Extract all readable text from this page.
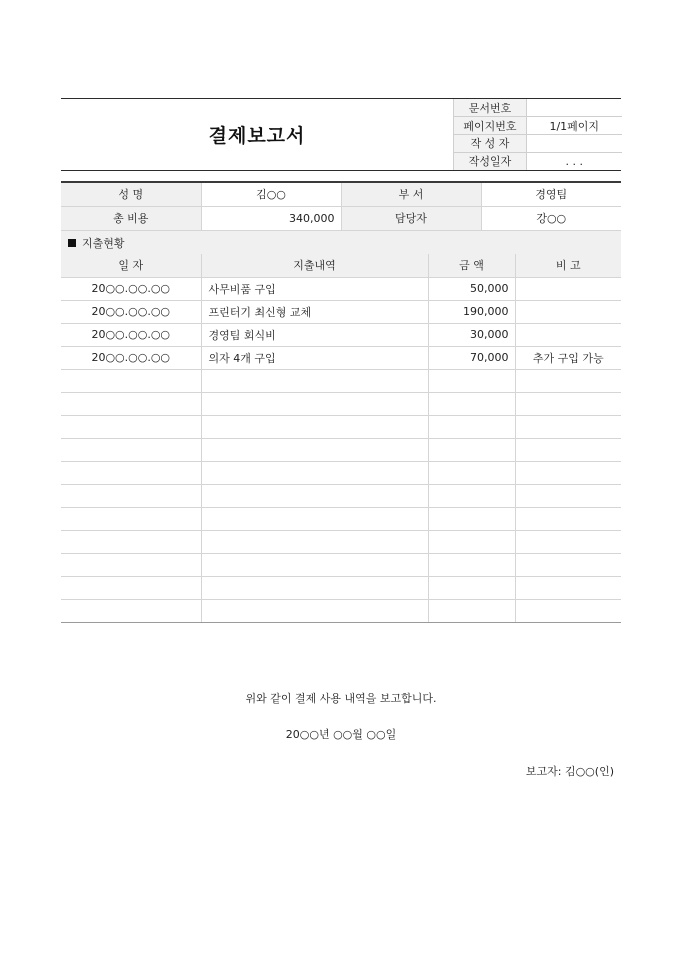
결제보고서
문서번호	
페이지번호	1/1페이지
작 성 자	
작성일자	. . .
성 명	김○○	부 서	경영팀
총 비용	340,000	담당자	강○○
지출현황
일 자	지출내역	금 액	비 고
20○○.○○.○○	사무비품 구입	50,000	
20○○.○○.○○	프린터기 최신형 교체	190,000	
20○○.○○.○○	경영팀 회식비	30,000	
20○○.○○.○○	의자 4개 구입	70,000	추가 구입 가능

위와 같이 결제 사용 내역을 보고합니다.
20○○년 ○○월 ○○일
보고자: 김○○(인)
